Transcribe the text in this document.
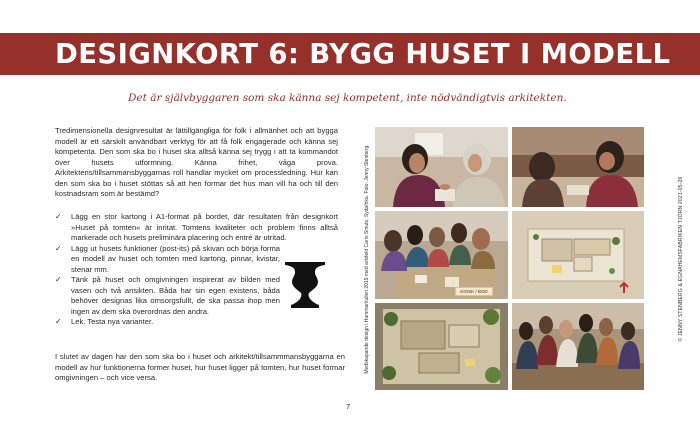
DESIGNKORT 6: BYGG HUSET I MODELL

Det är självbyggaren som ska känna sej kompetent, inte nödvändigtvis arkitekten.

Tredimensionella designresultat är lättillgängliga för folk i allmänhet och att bygga modell är ett särskilt användbart verktyg för att få folk engagerade och känna sej kompetenta. Den som ska bo i huset ska alltså känna sej trygg i att ta kommandot över husets utformning. Känna frihet, våga prova. Arkitektens/tillsammansbyggarnas roll handlar mycket om processledning. Hur kan den som ska bo i huset stöttas så att hen formar det hus man vill ha och till den kostnadsram som är bestämd?

✓ Lägg en stor kartong i A1-format på bordet, där resultaten från designkort »Huset på tomten« är inritat. Tomtens kvaliteter och problem finns alltså markerade och husets preliminära placering och entré är utritad.
✓ Lägg ut husets funktioner (post-its) på skivan och börja forma en modell av huset och tomten med kartong, pinnar, kvistar, stenar mm.
✓ Tänk på huset och omgivningen inspirerat av bilden med vasen och två ansikten. Båda har sin egen existens, båda behöver designas lika omsorgsfullt, de ska passa ihop men ingen av dem ska överordnas den andra.
✓ Lek. Testa nya varianter.

I slutet av dagen har den som ska bo i huset och arkitekt/tillsammmansbyggarna en modell av hur funktionerna former huset, hur huset ligger på tomten, hur huset formar omgivningen – och vice versa.

7
Medskapande design i Hammarkullen 2019 med arkitekt Carin Smuts, Sydafrika. Foto: Jenny Stenberg.	© JENNY STENBERG & EGNAHEMSFABRIKEN TJÖRN 2021-05-26
KIOSK / BOD
